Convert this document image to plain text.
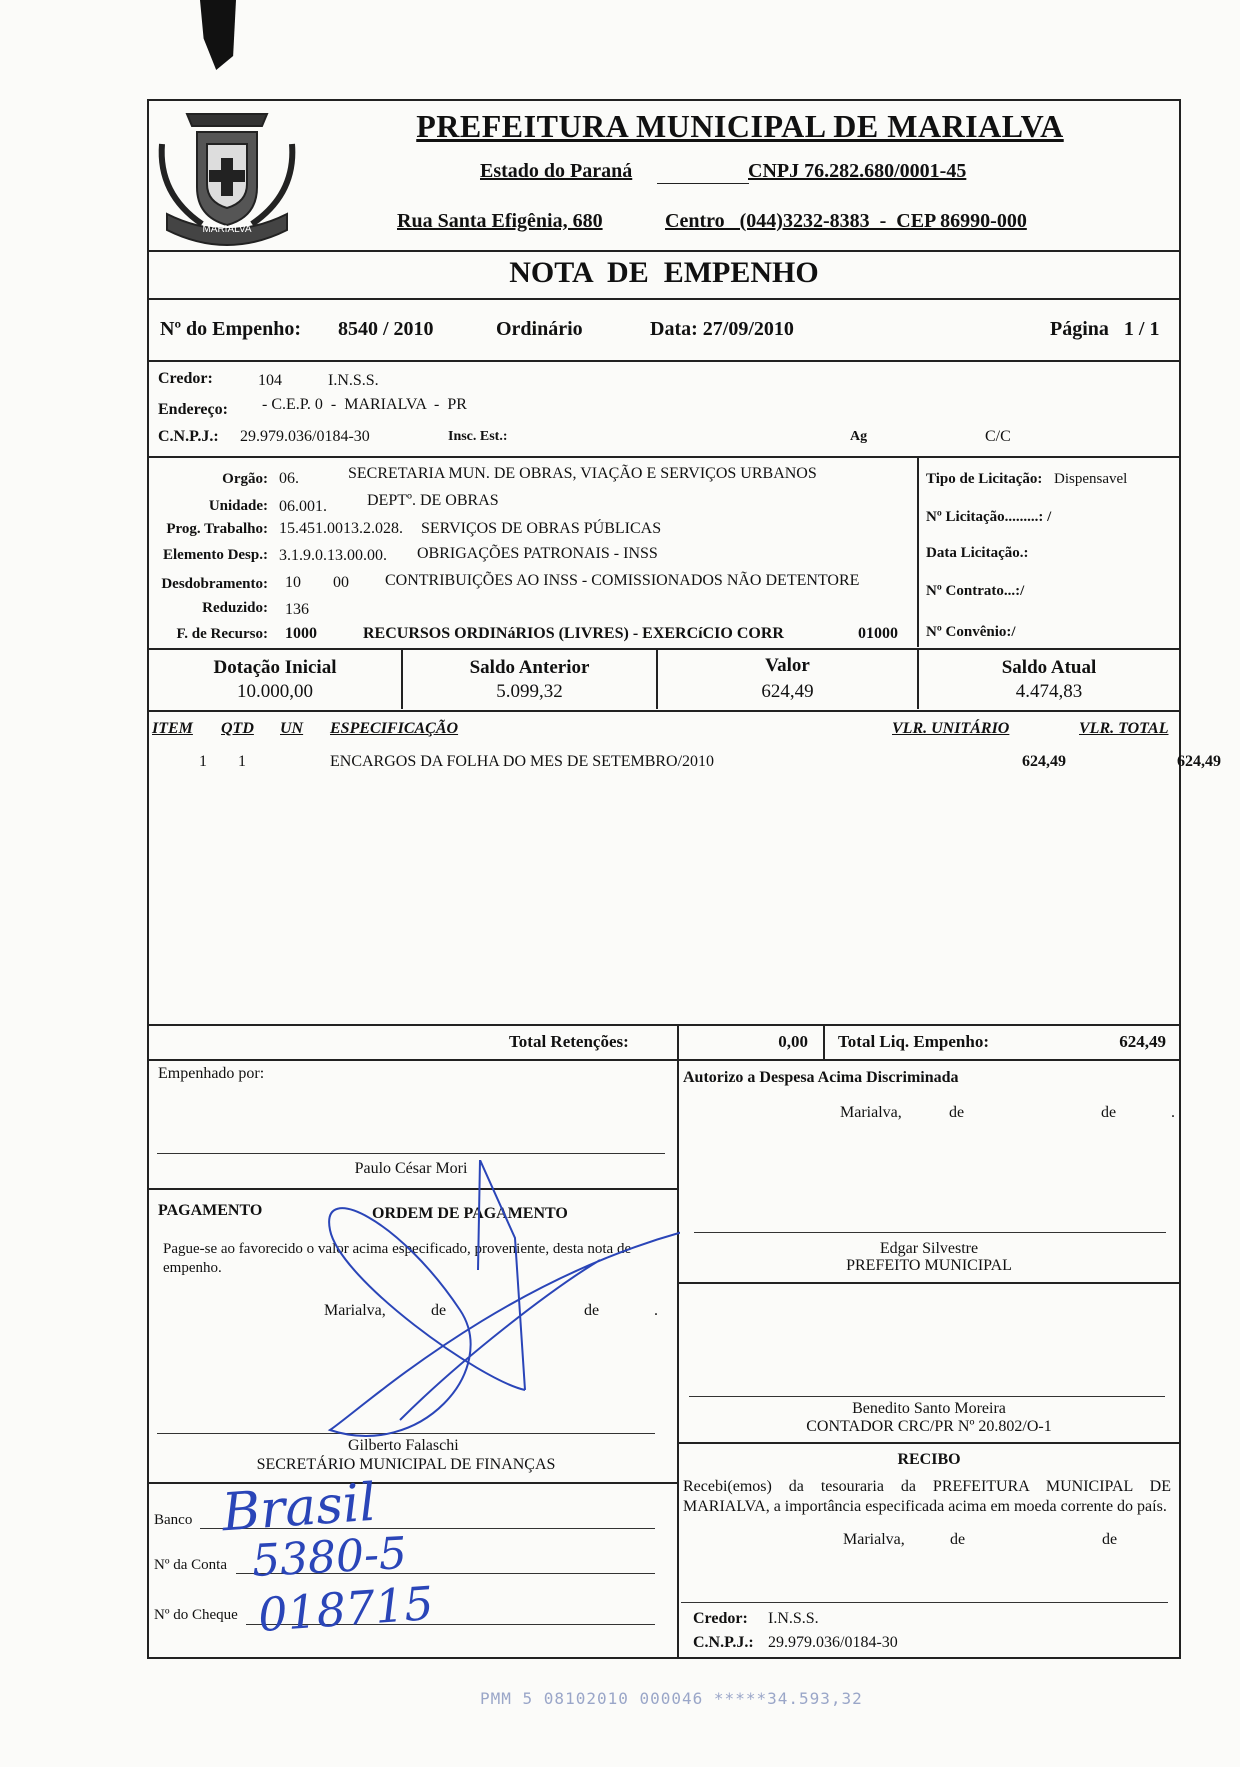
MARIALVA
PREFEITURA MUNICIPAL DE MARIALVA
Estado do Paraná	CNPJ 76.282.680/0001-45
Rua Santa Efigênia, 680	Centro   (044)3232-8383  -  CEP 86990-000
NOTA  DE  EMPENHO
Nº do Empenho: 8540 / 2010	Ordinário	Data: 27/09/2010	Página   1 / 1
Credor:	104	I.N.S.S.
Endereço: - C.E.P. 0  -  MARIALVA  -  PR
C.N.P.J.: 29.979.036/0184-30	Insc. Est.:	Ag	C/C
Orgão: 06.	SECRETARIA MUN. DE OBRAS, VIAÇÃO E SERVIÇOS URBANOS
Unidade: 06.001.	DEPTº. DE OBRAS
Prog. Trabalho: 15.451.0013.2.028. SERVIÇOS DE OBRAS PÚBLICAS
Elemento Desp.: 3.1.9.0.13.00.00. OBRIGAÇÕES PATRONAIS - INSS
Desdobramento: 10 00 CONTRIBUIÇÕES AO INSS - COMISSIONADOS NÃO DETENTORE
Reduzido: 136
F. de Recurso: 1000	RECURSOS ORDINáRIOS (LIVRES) - EXERCíCIO CORR	01000
Tipo de Licitação: Dispensavel
Nº Licitação.........: /
Data Licitação.:
Nº Contrato...:/
Nº Convênio:/
Dotação Inicial
10.000,00
Saldo Anterior
5.099,32
Valor
624,49
Saldo Atual
4.474,83
ITEM QTD UN ESPECIFICAÇÃO	VLR. UNITÁRIO	VLR. TOTAL
1 1	ENCARGOS DA FOLHA DO MES DE SETEMBRO/2010	624,49	624,49
Total Retenções:	0,00 Total Liq. Empenho:	624,49
Empenhado por:
Paulo César Mori
Autorizo a Despesa Acima Discriminada
Marialva,	de	de	.
Edgar Silvestre
PREFEITO MUNICIPAL
Benedito Santo Moreira
CONTADOR CRC/PR Nº 20.802/O-1
PAGAMENTO	ORDEM DE PAGAMENTO
Pague-se ao favorecido o valor acima especificado, proveniente, desta nota de empenho.
Marialva,	de	de	.
Gilberto Falaschi
SECRETÁRIO MUNICIPAL DE FINANÇAS
Banco
Nº da Conta
Nº do Cheque
Brasil
5380-5
018715
RECIBO
Recebi(emos) da tesouraria da PREFEITURA MUNICIPAL DE MARIALVA, a importância especificada acima em moeda corrente do país.
Marialva,	de	de
Credor: I.N.S.S.
C.N.P.J.: 29.979.036/0184-30
PMM 5 08102010 000046 *****34.593,32
